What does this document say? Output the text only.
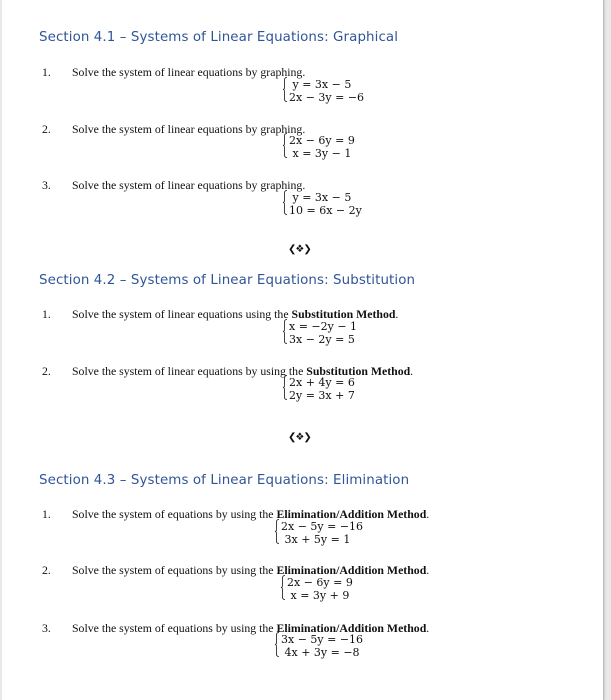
Section 4.1 – Systems of Linear Equations: Graphical
1. Solve the system of linear equations by graphing.
y = 3x − 5
2x − 3y = −6
2. Solve the system of linear equations by graphing.
2x − 6y = 9
x = 3y − 1
3. Solve the system of linear equations by graphing.
y = 3x − 5
10 = 6x − 2y
❮❖❯
Section 4.2 – Systems of Linear Equations: Substitution
1. Solve the system of linear equations using the Substitution Method.
x = −2y − 1
3x − 2y = 5
2. Solve the system of linear equations by using the Substitution Method.
2x + 4y = 6
2y = 3x + 7
❮❖❯
Section 4.3 – Systems of Linear Equations: Elimination
1. Solve the system of equations by using the Elimination/Addition Method.
2x − 5y = −16
3x + 5y = 1
2. Solve the system of equations by using the Elimination/Addition Method.
2x − 6y = 9
x = 3y + 9
3. Solve the system of equations by using the Elimination/Addition Method.
3x − 5y = −16
4x + 3y = −8
